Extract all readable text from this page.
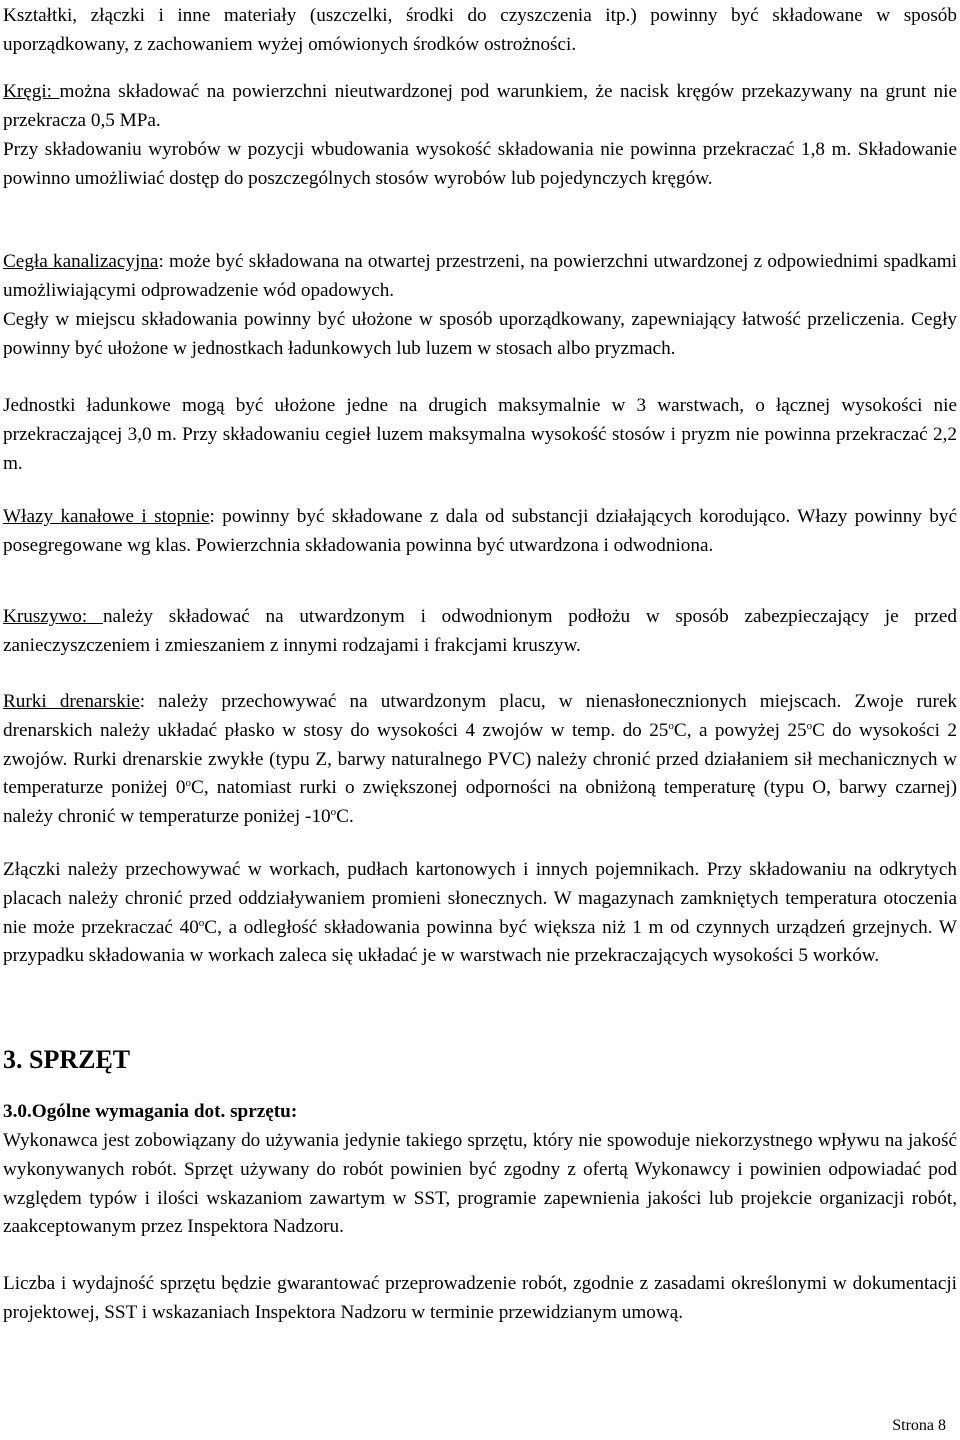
Kształtki, złączki i inne materiały (uszczelki, środki do czyszczenia itp.) powinny być składowane w sposób uporządkowany, z zachowaniem wyżej omówionych środków ostrożności.

Kręgi: można składować na powierzchni nieutwardzonej pod warunkiem, że nacisk kręgów przekazywany na grunt nie przekracza 0,5 MPa.

Przy składowaniu wyrobów w pozycji wbudowania wysokość składowania nie powinna przekraczać 1,8 m. Składowanie powinno umożliwiać dostęp do poszczególnych stosów wyrobów lub pojedynczych kręgów.

Cegła kanalizacyjna: może być składowana na otwartej przestrzeni, na powierzchni utwardzonej z odpowiednimi spadkami umożliwiającymi odprowadzenie wód opadowych.

Cegły w miejscu składowania powinny być ułożone w sposób uporządkowany, zapewniający łatwość przeliczenia. Cegły powinny być ułożone w jednostkach ładunkowych lub luzem w stosach albo pryzmach.

Jednostki ładunkowe mogą być ułożone jedne na drugich maksymalnie w 3 warstwach, o łącznej wysokości nie przekraczającej 3,0 m. Przy składowaniu cegieł luzem maksymalna wysokość stosów i pryzm nie powinna przekraczać 2,2 m.

Włazy kanałowe i stopnie: powinny być składowane z dala od substancji działających korodująco. Włazy powinny być posegregowane wg klas. Powierzchnia składowania powinna być utwardzona i odwodniona.

Kruszywo: należy składować na utwardzonym i odwodnionym podłożu w sposób zabezpieczający je przed zanieczyszczeniem i zmieszaniem z innymi rodzajami i frakcjami kruszyw.

Rurki drenarskie: należy przechowywać na utwardzonym placu, w nienasłonecznionych miejscach. Zwoje rurek drenarskich należy układać płasko w stosy do wysokości 4 zwojów w temp. do 25$^o$C, a powyżej 25$^o$C do wysokości 2 zwojów. Rurki drenarskie zwykłe (typu Z, barwy naturalnego PVC) należy chronić przed działaniem sił mechanicznych w temperaturze poniżej 0$^o$C, natomiast rurki o zwiększonej odporności na obniżoną temperaturę (typu O, barwy czarnej) należy chronić w temperaturze poniżej -10$^o$C.

Złączki należy przechowywać w workach, pudłach kartonowych i innych pojemnikach. Przy składowaniu na odkrytych placach należy chronić przed oddziaływaniem promieni słonecznych. W magazynach zamkniętych temperatura otoczenia nie może przekraczać 40$^o$C, a odległość składowania powinna być większa niż 1 m od czynnych urządzeń grzejnych. W przypadku składowania w workach zaleca się układać je w warstwach nie przekraczających wysokości 5 worków.

3. SPRZĘT
3.0.Ogólne wymagania dot. sprzętu:

Wykonawca jest zobowiązany do używania jedynie takiego sprzętu, który nie spowoduje niekorzystnego wpływu na jakość wykonywanych robót. Sprzęt używany do robót powinien być zgodny z ofertą Wykonawcy i powinien odpowiadać pod względem typów i ilości wskazaniom zawartym w SST, programie zapewnienia jakości lub projekcie organizacji robót, zaakceptowanym przez Inspektora Nadzoru.

Liczba i wydajność sprzętu będzie gwarantować przeprowadzenie robót, zgodnie z zasadami określonymi w dokumentacji projektowej, SST i wskazaniach Inspektora Nadzoru w terminie przewidzianym umową.

Strona 8
